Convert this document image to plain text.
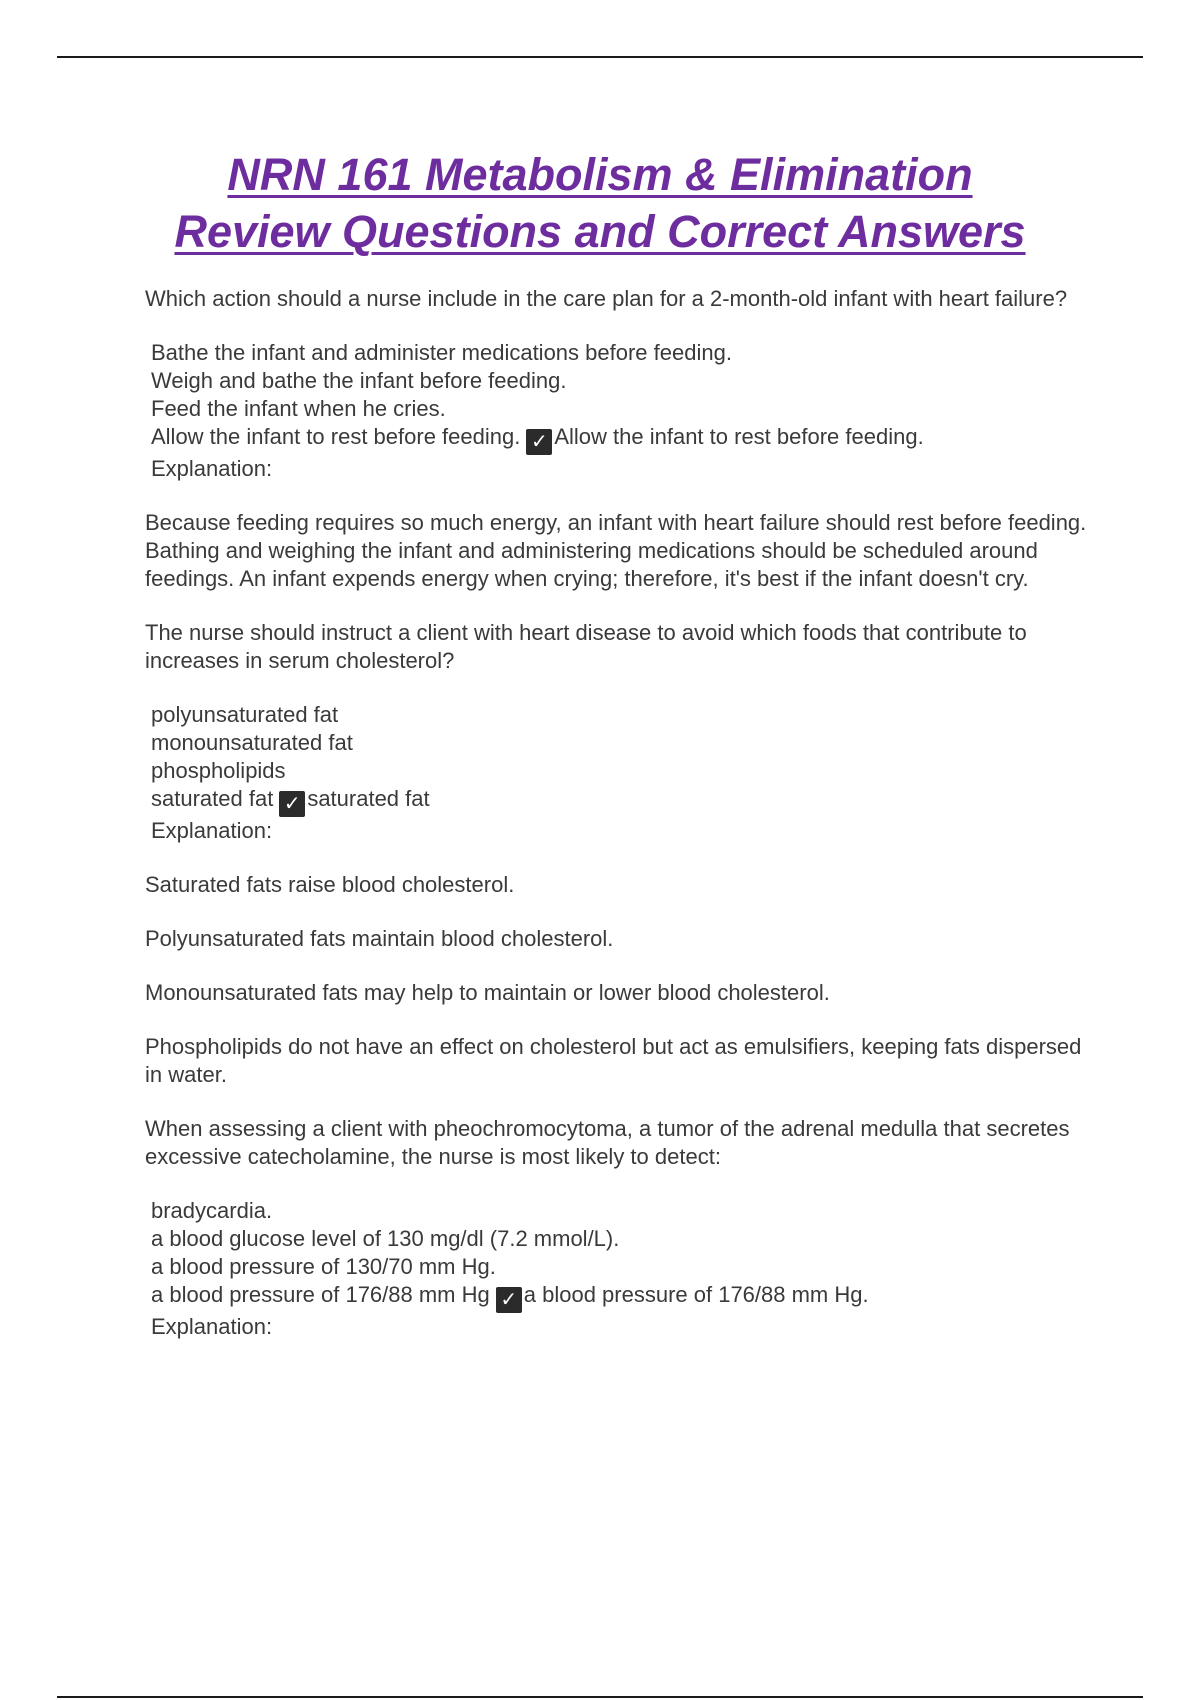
NRN 161 Metabolism & Elimination
Review Questions and Correct Answers
Which action should a nurse include in the care plan for a 2-month-old infant with heart failure?
Bathe the infant and administer medications before feeding.
Weigh and bathe the infant before feeding.
Feed the infant when he cries.
Allow the infant to rest before feeding. ✓ Allow the infant to rest before feeding.
Explanation:
Because feeding requires so much energy, an infant with heart failure should rest before feeding. Bathing and weighing the infant and administering medications should be scheduled around feedings. An infant expends energy when crying; therefore, it's best if the infant doesn't cry.
The nurse should instruct a client with heart disease to avoid which foods that contribute to increases in serum cholesterol?
polyunsaturated fat
monounsaturated fat
phospholipids
saturated fat ✓ saturated fat
Explanation:
Saturated fats raise blood cholesterol.
Polyunsaturated fats maintain blood cholesterol.
Monounsaturated fats may help to maintain or lower blood cholesterol.
Phospholipids do not have an effect on cholesterol but act as emulsifiers, keeping fats dispersed in water.
When assessing a client with pheochromocytoma, a tumor of the adrenal medulla that secretes excessive catecholamine, the nurse is most likely to detect:
bradycardia.
a blood glucose level of 130 mg/dl (7.2 mmol/L).
a blood pressure of 130/70 mm Hg.
a blood pressure of 176/88 mm Hg ✓ a blood pressure of 176/88 mm Hg.
Explanation:
